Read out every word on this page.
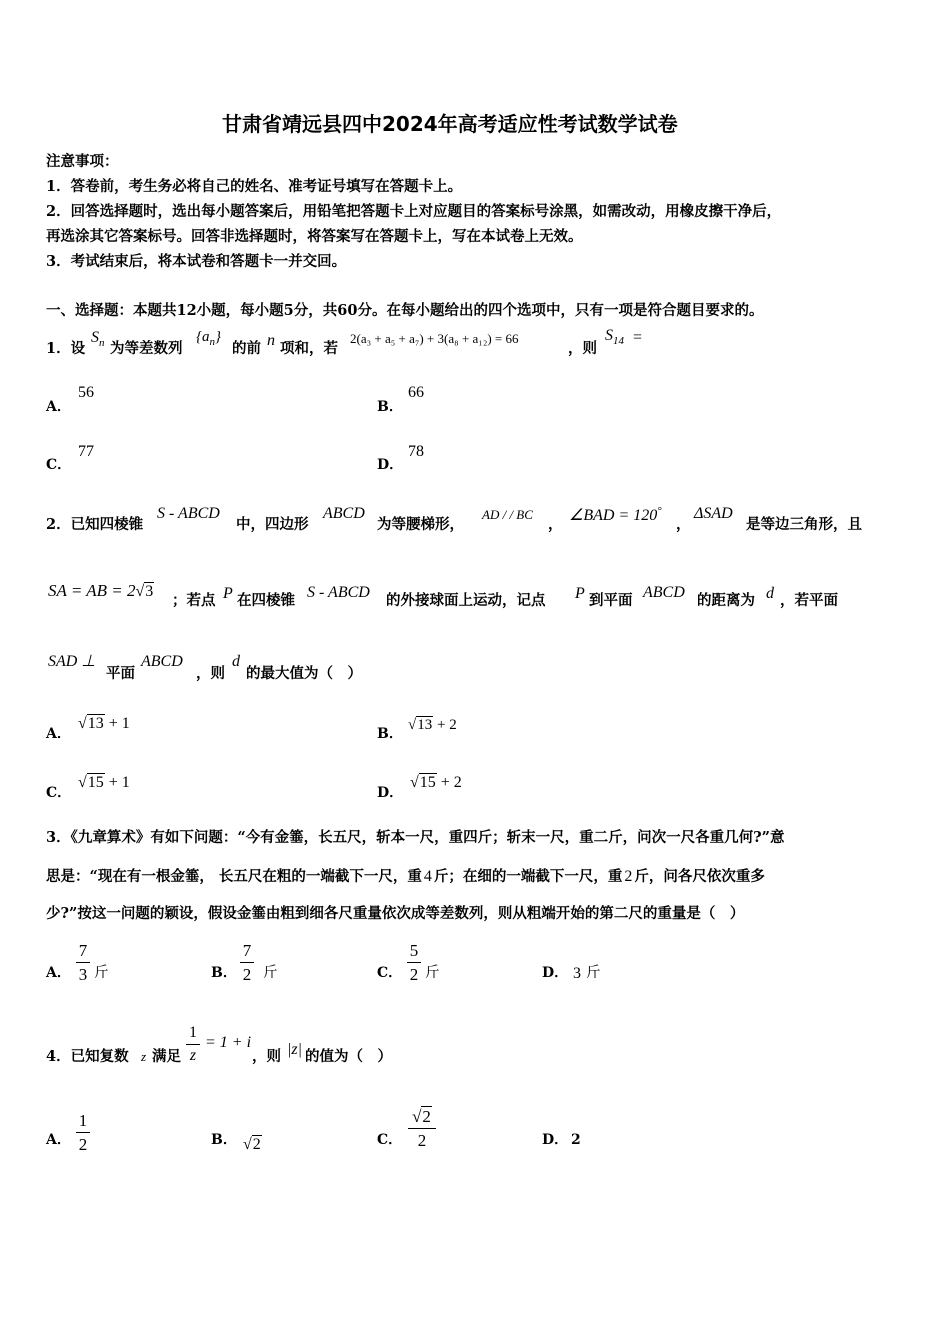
甘肃省靖远县四中2024年高考适应性考试数学试卷
注意事项：
1．答卷前，考生务必将自己的姓名、准考证号填写在答题卡上。
2．回答选择题时，选出每小题答案后，用铅笔把答题卡上对应题目的答案标号涂黑，如需改动，用橡皮擦干净后，
再选涂其它答案标号。回答非选择题时，将答案写在答题卡上，写在本试卷上无效。
3．考试结束后，将本试卷和答题卡一并交回。
一、选择题：本题共12小题，每小题5分，共60分。在每小题给出的四个选项中，只有一项是符合题目要求的。
1．设
$S_n$ 为等差数列
$\{a_n\}$
的前 n 项和，若
2(a₃ + a₅ + a₇) + 3(a₈ + a₁₂) = 66
，则
$S_{14}$ =
A．
56
B．
66
C．
77
D．
78
2．已知四棱锥
S - ABCD
中，四边形
ABCD
为等腰梯形，
AD / / BC
，
∠BAD = 120°
，
ΔSAD
是等边三角形，且
SA = AB = 2√3
；若点 P 在四棱锥 S - ABCD 的外接球面上运动，记点 P 到平面 ABCD 的距离为 d ，若平面
SAD ⊥
平面
ABCD
，则
d
的最大值为（　）
A．
√13 + 1
B．
√13 + 2
C．
√15 + 1
D．
√15 + 2
3．《九章算术》有如下问题：“今有金箠，长五尺，斩本一尺，重四斤；斩末一尺，重二斤，问次一尺各重几何?”意
思是：“现在有一根金箠， 长五尺在粗的一端截下一尺，重 4 斤；在细的一端截下一尺，重 2 斤，问各尺依次重多
少?”按这一问题的颖设，假设金箠由粗到细各尺重量依次成等差数列，则从粗端开始的第二尺的重量是（　）
A．
7
3 斤	B．
7
2 斤	C．
5
2 斤	D． 3 斤
4．已知复数 z 满足
1
z
= 1 + i
，则 |z| 的值为（　）
A．
1
2	B． √2	C．
√2
2	D． 2
